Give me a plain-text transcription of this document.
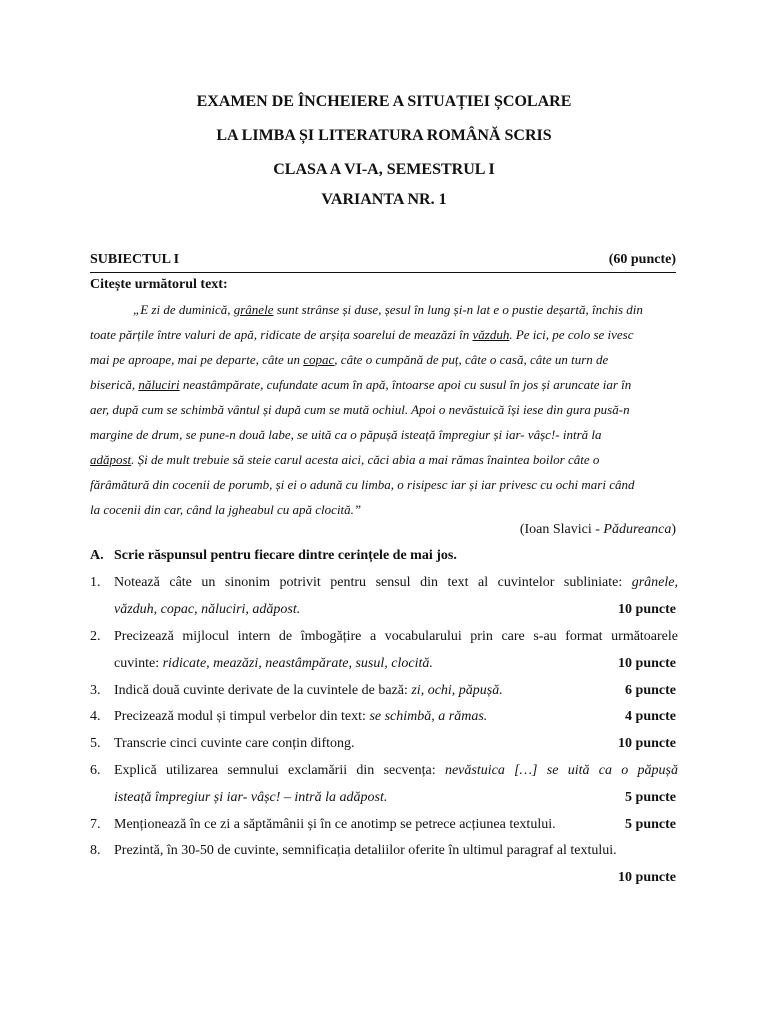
EXAMEN DE ÎNCHEIERE A SITUAȚIEI ȘCOLARE
LA LIMBA ȘI LITERATURA ROMÂNĂ SCRIS
CLASA A VI-A, SEMESTRUL I
VARIANTA NR. 1
SUBIECTUL I	(60 puncte)
Citește următorul text:
„E zi de duminică, grânele sunt strânse și duse, șesul în lung și-n lat e o pustie deșartă, închis din
toate părțile între valuri de apă, ridicate de arșița soarelui de meazăzi în văzduh. Pe ici, pe colo se ivesc
mai pe aproape, mai pe departe, câte un copac, câte o cumpănă de puț, câte o casă, câte un turn de
biserică, năluciri neastâmpărate, cufundate acum în apă, întoarse apoi cu susul în jos și aruncate iar în
aer, după cum se schimbă vântul și după cum se mută ochiul. Apoi o nevăstuică își iese din gura pusă-n
margine de drum, se pune-n două labe, se uită ca o păpușă isteață împregiur și iar- vâșc!- intră la
adăpost. Și de mult trebuie să steie carul acesta aici, căci abia a mai rămas înaintea boilor câte o
fărâmătură din cocenii de porumb, și ei o adună cu limba, o risipesc iar și iar privesc cu ochi mari când
la cocenii din car, când la jgheabul cu apă clocită.”
(Ioan Slavici - Pădureanca)
A. Scrie răspunsul pentru fiecare dintre cerințele de mai jos.
1. Notează câte un sinonim potrivit pentru sensul din text al cuvintelor subliniate: grânele,
văzduh, copac, năluciri, adăpost.	10 puncte
2. Precizează mijlocul intern de îmbogățire a vocabularului prin care s-au format următoarele
cuvinte: ridicate, meazăzi, neastâmpărate, susul, clocită.	10 puncte
3. Indică două cuvinte derivate de la cuvintele de bază: zi, ochi, păpușă.	6 puncte
4. Precizează modul și timpul verbelor din text: se schimbă, a rămas.	4 puncte
5. Transcrie cinci cuvinte care conțin diftong.	10 puncte
6. Explică utilizarea semnului exclamării din secvența: nevăstuica […] se uită ca o păpușă
isteață împregiur și iar- vâșc! – intră la adăpost.	5 puncte
7. Menționează în ce zi a săptămânii și în ce anotimp se petrece acțiunea textului.	5 puncte
8. Prezintă, în 30-50 de cuvinte, semnificația detaliilor oferite în ultimul paragraf al textului.
10 puncte
